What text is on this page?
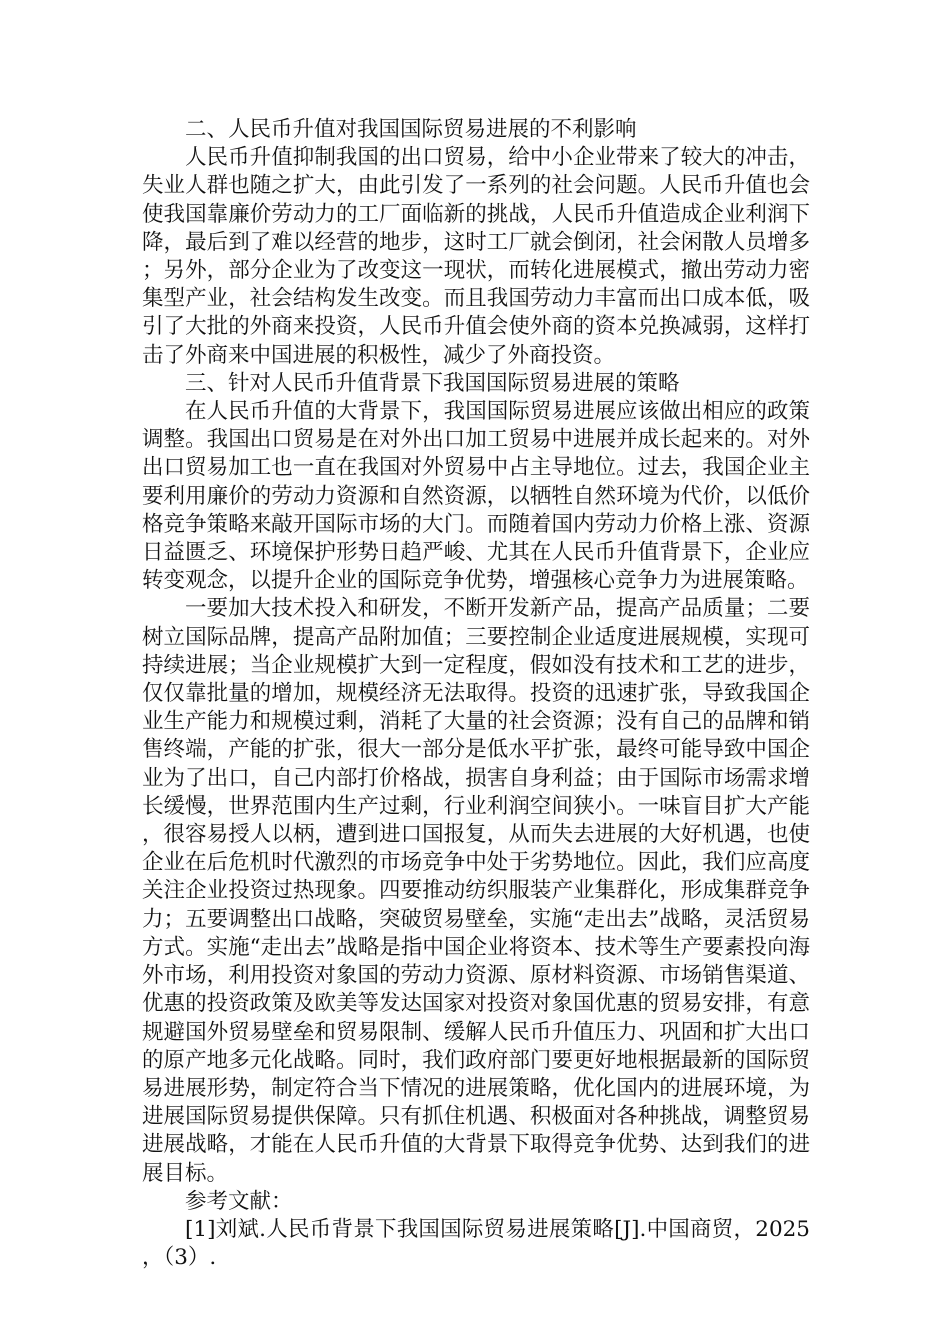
二、人民币升值对我国国际贸易进展的不利影响

人民币升值抑制我国的出口贸易，给中小企业带来了较大的冲击，失业人群也随之扩大，由此引发了一系列的社会问题。人民币升值也会使我国靠廉价劳动力的工厂面临新的挑战，人民币升值造成企业利润下降，最后到了难以经营的地步，这时工厂就会倒闭，社会闲散人员增多；另外，部分企业为了改变这一现状，而转化进展模式，撤出劳动力密集型产业，社会结构发生改变。而且我国劳动力丰富而出口成本低，吸引了大批的外商来投资，人民币升值会使外商的资本兑换减弱，这样打击了外商来中国进展的积极性，减少了外商投资。

三、针对人民币升值背景下我国国际贸易进展的策略

在人民币升值的大背景下，我国国际贸易进展应该做出相应的政策调整。我国出口贸易是在对外出口加工贸易中进展并成长起来的。对外出口贸易加工也一直在我国对外贸易中占主导地位。过去，我国企业主要利用廉价的劳动力资源和自然资源，以牺牲自然环境为代价，以低价格竞争策略来敲开国际市场的大门。而随着国内劳动力价格上涨、资源日益匮乏、环境保护形势日趋严峻、尤其在人民币升值背景下，企业应转变观念，以提升企业的国际竞争优势，增强核心竞争力为进展策略。

一要加大技术投入和研发，不断开发新产品，提高产品质量；二要树立国际品牌，提高产品附加值；三要控制企业适度进展规模，实现可持续进展；当企业规模扩大到一定程度，假如没有技术和工艺的进步，仅仅靠批量的增加，规模经济无法取得。投资的迅速扩张，导致我国企业生产能力和规模过剩，消耗了大量的社会资源；没有自己的品牌和销售终端，产能的扩张，很大一部分是低水平扩张，最终可能导致中国企业为了出口，自己内部打价格战，损害自身利益；由于国际市场需求增长缓慢，世界范围内生产过剩，行业利润空间狭小。一味盲目扩大产能，很容易授人以柄，遭到进口国报复，从而失去进展的大好机遇，也使企业在后危机时代激烈的市场竞争中处于劣势地位。因此，我们应高度关注企业投资过热现象。四要推动纺织服装产业集群化，形成集群竞争力；五要调整出口战略，突破贸易壁垒，实施“走出去”战略，灵活贸易方式。实施“走出去”战略是指中国企业将资本、技术等生产要素投向海外市场，利用投资对象国的劳动力资源、原材料资源、市场销售渠道、优惠的投资政策及欧美等发达国家对投资对象国优惠的贸易安排，有意规避国外贸易壁垒和贸易限制、缓解人民币升值压力、巩固和扩大出口的原产地多元化战略。同时，我们政府部门要更好地根据最新的国际贸易进展形势，制定符合当下情况的进展策略，优化国内的进展环境，为进展国际贸易提供保障。只有抓住机遇、积极面对各种挑战，调整贸易进展战略，才能在人民币升值的大背景下取得竞争优势、达到我们的进展目标。

参考文献：

[1]刘斌.人民币背景下我国国际贸易进展策略[J].中国商贸，2025，（3）.
